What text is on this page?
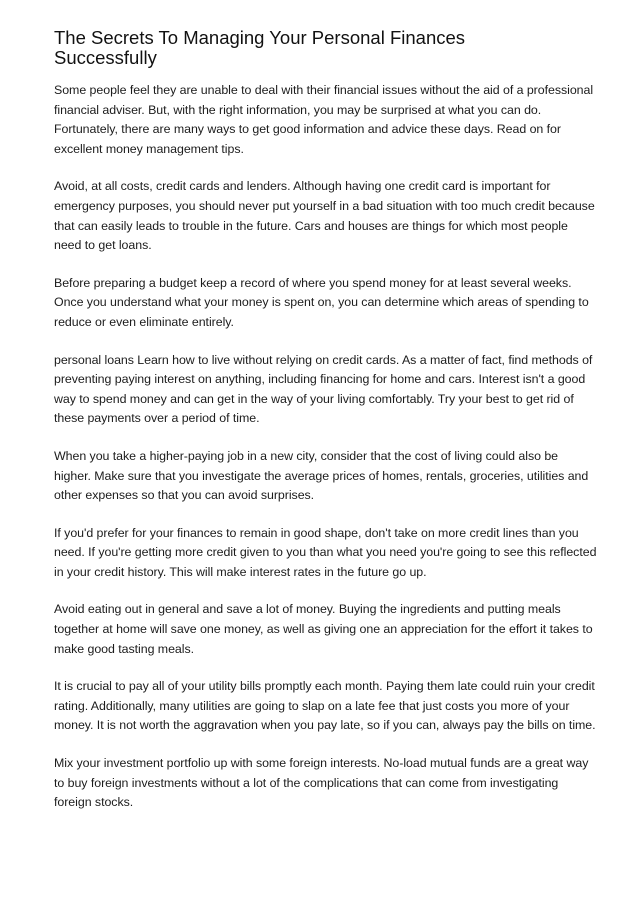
The Secrets To Managing Your Personal Finances Successfully

Some people feel they are unable to deal with their financial issues without the aid of a professional financial adviser. But, with the right information, you may be surprised at what you can do. Fortunately, there are many ways to get good information and advice these days. Read on for excellent money management tips.

Avoid, at all costs, credit cards and lenders. Although having one credit card is important for emergency purposes, you should never put yourself in a bad situation with too much credit because that can easily leads to trouble in the future. Cars and houses are things for which most people need to get loans.

Before preparing a budget keep a record of where you spend money for at least several weeks. Once you understand what your money is spent on, you can determine which areas of spending to reduce or even eliminate entirely.

personal loans Learn how to live without relying on credit cards. As a matter of fact, find methods of preventing paying interest on anything, including financing for home and cars. Interest isn't a good way to spend money and can get in the way of your living comfortably. Try your best to get rid of these payments over a period of time.

When you take a higher-paying job in a new city, consider that the cost of living could also be higher. Make sure that you investigate the average prices of homes, rentals, groceries, utilities and other expenses so that you can avoid surprises.

If you'd prefer for your finances to remain in good shape, don't take on more credit lines than you need. If you're getting more credit given to you than what you need you're going to see this reflected in your credit history. This will make interest rates in the future go up.

Avoid eating out in general and save a lot of money. Buying the ingredients and putting meals together at home will save one money, as well as giving one an appreciation for the effort it takes to make good tasting meals.

It is crucial to pay all of your utility bills promptly each month. Paying them late could ruin your credit rating. Additionally, many utilities are going to slap on a late fee that just costs you more of your money. It is not worth the aggravation when you pay late, so if you can, always pay the bills on time.

Mix your investment portfolio up with some foreign interests. No-load mutual funds are a great way to buy foreign investments without a lot of the complications that can come from investigating foreign stocks.
